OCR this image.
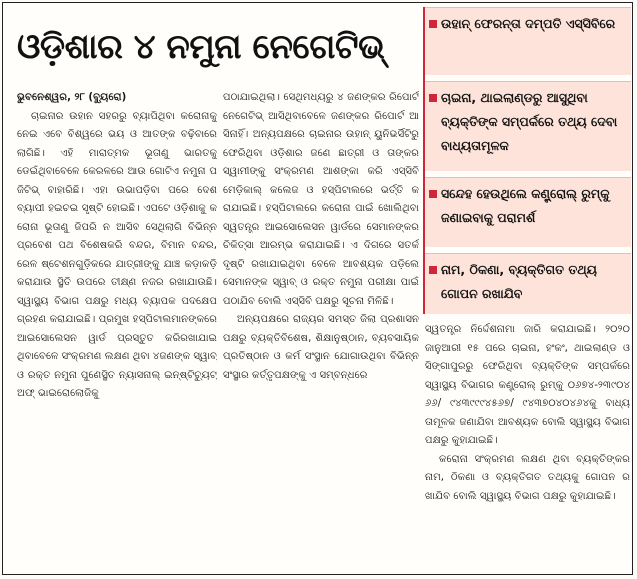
ଓଡ଼ିଶାର ୪ ନମୁନା ନେଗେଟିଭ୍
ଉହାନ୍ ଫେରନ୍ତା ଦମ୍ପତି ଏସ୍‌ସିବିରେ
ଚାଇନା, ଥାଇଲାଣ୍ଡରୁ ଆସୁଥିବା ବ୍ୟକ୍ତିଙ୍କ ସମ୍ପର୍କରେ ତଥ୍ୟ ଦେବା ବାଧ୍ୟତାମୂଳକ
ସନ୍ଦେହ ହେଉଥିଲେ କଣ୍ଟ୍ରୋଲ୍ ରୁମ୍‌କୁ ଜଣାଇବାକୁ ପରାମର୍ଶ
ନାମ, ଠିକଣା, ବ୍ୟକ୍ତିଗତ ତଥ୍ୟ ଗୋପନ ରଖାଯିବ

ଭୁବନେଶ୍ୱର, ୨୮ (ବ୍ୟୁରୋ)

ଚାଇନାର ଉହାନ ସହରରୁ ବ୍ୟାପିଥିବା କରୋନାକୁ ନେଇ ଏବେ ବିଶ୍ୱରେ ଭୟ ଓ ଆତଙ୍କ ବଢ଼ିବାରେ ଲାଗିଛି। ଏହି ମାରାତ୍ମକ ଭୂତାଣୁ ଭାରତକୁ ଡେଇଁଥିବାବେଳେ କେରଳରେ ଆଉ ଗୋଟିଏ ନମୁନା ପଜିଟିଭ୍ ବାହାରିଛି। ଏହା ଉଭାପଡ଼ିବା ପରେ ଦେଶବ୍ୟାପୀ ହଇଚଇ ସୃଷ୍ଟି ହୋଇଛି। ଏପଟେ ଓଡ଼ିଶାକୁ କରୋନା ଭୂତାଣୁ ଜିପରି ନ ଆସିବ ସେଥିଲାଗି ବିଭିନ୍ନ ପ୍ରବେଶ ପଥ ବିଶେଷକରି ବନ୍ଦର, ବିମାନ ବନ୍ଦର, ରେଳ ଷ୍ଟେଶନଗୁଡ଼ିକରେ ଯାତ୍ରୀଙ୍କୁ ଯାଞ୍ଚ କଡ଼ାକଡ଼ି କରାଯାଉ ସ୍ଥିତି ଉପରେ ତୀକ୍ଷ୍ଣ ନଜର ରଖାଯାଉଛି। ସ୍ୱାସ୍ଥ୍ୟ ବିଭାଗ ପକ୍ଷରୁ ମଧ୍ୟ ବ୍ୟାପକ ପଦକ୍ଷେପ ଗ୍ରହଣ କରାଯାଇଛି। ପ୍ରମୁଖ ହସ୍ପିଟାଲମାନଙ୍କରେ ଆଇସୋଲେସନ ୱାର୍ଡ ପ୍ରସ୍ତୁତ କରିରଖାଯାଇଥିବାବେଳେ ସଂକ୍ରମଣ ଲକ୍ଷଣ ଥିବା ୪ଜଣଙ୍କ ସ୍ୱାବ୍ ଓ ରକ୍ତ ନମୁନା ପୁଣେସ୍ଥିତ ନ୍ୟାସନାଲ୍ ଇନ୍‌ଷ୍ଟିଚ୍ୟୁଟ୍ ଅଫ୍ ଭାଇରୋଲୋଜିକୁ

ପଠାଯାଇଥିଲା। ସେଥିମଧ୍ୟରୁ ୪ ଜଣଙ୍କର ରିପୋର୍ଟ ନେଗେଟିଭ୍ ଆସିଥିବାବେଳେ ଜଣଙ୍କର ରିପୋର୍ଟ ଆସିନାହିଁ। ଅନ୍ୟପକ୍ଷରେ ଚାଇନାର ଉହାନ୍ ୟୁନିଭର୍ସିଟିରୁ ଫେରିଥିବା ଓଡ଼ିଶାର ଜଣେ ଛାତ୍ରୀ ଓ ତାଙ୍କର ସ୍ୱାମୀଙ୍କୁ ସଂକ୍ରମଣ ଆଶଙ୍କା କରି ଏସ୍‌ସିବି ମେଡ଼ିକାଲ୍ କଲେଜ ଓ ହସ୍ପିଟାଲରେ ଭର୍ତ୍ତି କରାଯାଇଛି। ହସ୍ପିଟାଲରେ କରୋନା ପାଇଁ ଖୋଲିଥିବା ସ୍ୱତନ୍ତ୍ର ଆଇସୋଲେସନ ୱାର୍ଡରେ ସେମାନଙ୍କର ଚିକିତ୍ସା ଆରମ୍ଭ କରାଯାଇଛି। ଏ ଦିଗରେ ସତର୍କ ଦୃଷ୍ଟି ରଖାଯାଇଥିବା ବେଳେ ଆବଶ୍ୟକ ପଡ଼ିଲେ ସେମାନଙ୍କ ସ୍ୱାବ୍ ଓ ରକ୍ତ ନମୁନା ପରୀକ୍ଷା ପାଇଁ ପଠାଯିବ ବୋଲି ଏସ୍‌ସିବି ପକ୍ଷରୁ ସୂଚନା ମିଳିଛି।

ଅନ୍ୟପକ୍ଷରେ ରାଜ୍ୟର ସମସ୍ତ ଜିଲା ପ୍ରଶାସନ ପକ୍ଷରୁ ବ୍ୟକ୍ତିବିଶେଷ, ଶିକ୍ଷାନୁଷ୍ଠାନ, ବ୍ୟବସାୟିକ ପ୍ରତିଷ୍ଠାନ ଓ କର୍ମ ସଂସ୍ଥାନ ଯୋଗାଉଥିବା ବିଭିନ୍ନ ସଂସ୍ଥାର କର୍ତ୍ତୃପକ୍ଷଙ୍କୁ ଏ ସମ୍ବନ୍ଧରେ

ସ୍ୱତନ୍ତ୍ର ନିର୍ଦ୍ଦେଶନାମା ଜାରି କରାଯାଇଛି। ୨୦୨୦ ଜାନୁଆରୀ ୧୫ ପରେ ଚାଇନା, ହଂକଂ, ଥାଇଲାଣ୍ଡ ଓ ସିଙ୍ଗାପୁରରୁ ଫେରିଥିବା ବ୍ୟକ୍ତିଙ୍କ ସମ୍ପର୍କରେ ସ୍ୱାସ୍ଥ୍ୟ ବିଭାଗର କଣ୍ଟ୍ରୋଲ୍ ରୁମ୍‌କୁ ୦୬୭୪-୨୩୯୦୪୬୬/ ୯୪୩୯୯୯୪୫୬୭/ ୯୪୩୭୦୪୦୪୬୪କୁ ବାଧ୍ୟତାମୂଳକ ଜଣାଯିବା ଆବଶ୍ୟକ ବୋଲି ସ୍ୱାସ୍ଥ୍ୟ ବିଭାଗ ପକ୍ଷରୁ କୁହାଯାଇଛି।

କରୋନା ସଂକ୍ରମଣ ଲକ୍ଷଣ ଥିବା ବ୍ୟକ୍ତିଙ୍କର ନାମ, ଠିକଣା ଓ ବ୍ୟକ୍ତିଗତ ତଥ୍ୟକୁ ଗୋପନ ରଖାଯିବ ବୋଲି ସ୍ୱାସ୍ଥ୍ୟ ବିଭାଗ ପକ୍ଷରୁ କୁହାଯାଇଛି।
